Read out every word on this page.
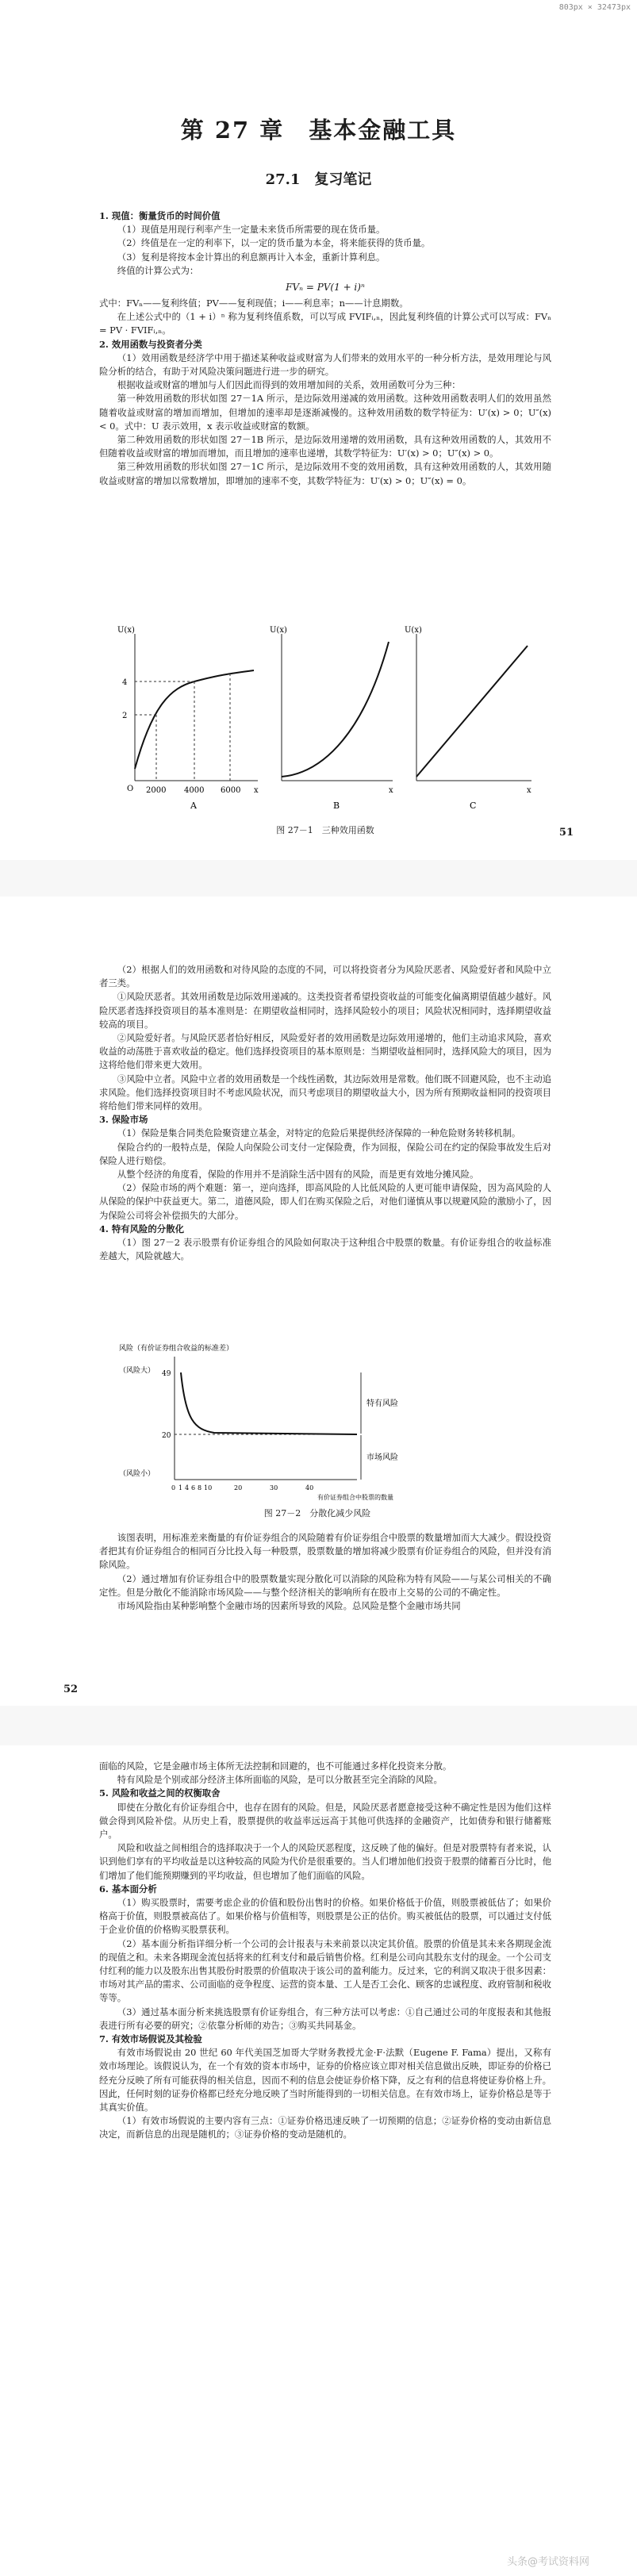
803px × 32473px
第 27 章　基本金融工具
27.1　复习笔记

1. 现值：衡量货币的时间价值

（1）现值是用现行利率产生一定量未来货币所需要的现在货币量。

（2）终值是在一定的利率下，以一定的货币量为本金，将来能获得的货币量。

（3）复利是将按本金计算出的利息额再计入本金，重新计算利息。

终值的计算公式为：

FVₙ = PV(1 + i)ⁿ

式中：FVₙ——复利终值；PV——复利现值；i——利息率；n——计息期数。

在上述公式中的（1 + i）ⁿ 称为复利终值系数，可以写成 FVIFᵢ,ₙ，因此复利终值的计算公式可以写成：FVₙ = PV · FVIFᵢ,ₙ。

2. 效用函数与投资者分类

（1）效用函数是经济学中用于描述某种收益或财富为人们带来的效用水平的一种分析方法，是效用理论与风险分析的结合，有助于对风险决策问题进行进一步的研究。

根据收益或财富的增加与人们因此而得到的效用增加间的关系，效用函数可分为三种：

第一种效用函数的形状如图 27－1A 所示，是边际效用递减的效用函数。这种效用函数表明人们的效用虽然随着收益或财富的增加而增加，但增加的速率却是逐渐减慢的。这种效用函数的数学特征为：U′(x) > 0；U″(x) < 0。式中：U 表示效用，x 表示收益或财富的数额。

第二种效用函数的形状如图 27－1B 所示，是边际效用递增的效用函数，具有这种效用函数的人，其效用不但随着收益或财富的增加而增加，而且增加的速率也递增，其数学特征为：U′(x) > 0；U″(x) > 0。

第三种效用函数的形状如图 27－1C 所示，是边际效用不变的效用函数，具有这种效用函数的人，其效用随收益或财富的增加以常数增加，即增加的速率不变，其数学特征为：U′(x) > 0；U″(x) = 0。

U(x)
x
O
4
2
2000 4000 6000
A
U(x)
x
B
U(x)
x
C
图 27－1　三种效用函数	51

（2）根据人们的效用函数和对待风险的态度的不同，可以将投资者分为风险厌恶者、风险爱好者和风险中立者三类。

①风险厌恶者。其效用函数是边际效用递减的。这类投资者希望投资收益的可能变化偏离期望值越少越好。风险厌恶者选择投资项目的基本准则是：在期望收益相同时，选择风险较小的项目；风险状况相同时，选择期望收益较高的项目。

②风险爱好者。与风险厌恶者恰好相反，风险爱好者的效用函数是边际效用递增的，他们主动追求风险，喜欢收益的动荡胜于喜欢收益的稳定。他们选择投资项目的基本原则是：当期望收益相同时，选择风险大的项目，因为这将给他们带来更大效用。

③风险中立者。风险中立者的效用函数是一个线性函数，其边际效用是常数。他们既不回避风险，也不主动追求风险。他们选择投资项目时不考虑风险状况，而只考虑项目的期望收益大小，因为所有预期收益相同的投资项目将给他们带来同样的效用。

3. 保险市场

（1）保险是集合同类危险聚资建立基金，对特定的危险后果提供经济保障的一种危险财务转移机制。

保险合约的一般特点是，保险人向保险公司支付一定保险费，作为回报，保险公司在约定的保险事故发生后对保险人进行赔偿。

从整个经济的角度看，保险的作用并不是消除生活中固有的风险，而是更有效地分摊风险。

（2）保险市场的两个难题：第一，逆向选择，即高风险的人比低风险的人更可能申请保险，因为高风险的人从保险的保护中获益更大。第二，道德风险，即人们在购买保险之后，对他们谨慎从事以规避风险的激励小了，因为保险公司将会补偿损失的大部分。

4. 特有风险的分散化

（1）图 27－2 表示股票有价证券组合的风险如何取决于这种组合中股票的数量。有价证券组合的收益标准差越大，风险就越大。

风险（有价证券组合收益的标准差）
（风险大）
（风险小）
49
20
0 1 4 6 8 10	20	30	40
有价证券组合中股票的数量
特有风险
市场风险
图 27－2　分散化减少风险

该图表明，用标准差来衡量的有价证券组合的风险随着有价证券组合中股票的数量增加而大大减少。假设投资者把其有价证券组合的相同百分比投入每一种股票，股票数量的增加将减少股票有价证券组合的风险，但并没有消除风险。

（2）通过增加有价证券组合中的股票数量实现分散化可以消除的风险称为特有风险——与某公司相关的不确定性。但是分散化不能消除市场风险——与整个经济相关的影响所有在股市上交易的公司的不确定性。

市场风险指由某种影响整个金融市场的因素所导致的风险。总风险是整个金融市场共同

52

面临的风险，它是金融市场主体所无法控制和回避的，也不可能通过多样化投资来分散。

特有风险是个别或部分经济主体所面临的风险，是可以分散甚至完全消除的风险。

5. 风险和收益之间的权衡取舍

即使在分散化有价证券组合中，也存在固有的风险。但是，风险厌恶者愿意接受这种不确定性是因为他们这样做会得到风险补偿。从历史上看，股票提供的收益率远远高于其他可供选择的金融资产，比如债券和银行储蓄账户。

风险和收益之间相组合的选择取决于一个人的风险厌恶程度，这反映了他的偏好。但是对股票特有者来说，认识到他们享有的平均收益是以这种较高的风险为代价是很重要的。当人们增加他们投资于股票的储蓄百分比时，他们增加了他们能预期赚到的平均收益，但也增加了他们面临的风险。

6. 基本面分析

（1）购买股票时，需要考虑企业的价值和股份出售时的价格。如果价格低于价值，则股票被低估了；如果价格高于价值，则股票被高估了。如果价格与价值相等，则股票是公正的估价。购买被低估的股票，可以通过支付低于企业价值的价格购买股票获利。

（2）基本面分析指详细分析一个公司的会计报表与未来前景以决定其价值。股票的价值是其未来各期现金流的现值之和。未来各期现金流包括将来的红利支付和最后销售价格。红利是公司向其股东支付的现金。一个公司支付红利的能力以及股东出售其股份时股票的价值取决于该公司的盈利能力。反过来，它的利润又取决于很多因素：市场对其产品的需求、公司面临的竞争程度、运营的资本量、工人是否工会化、顾客的忠诚程度、政府管制和税收等等。

（3）通过基本面分析来挑选股票有价证券组合，有三种方法可以考虑：①自己通过公司的年度报表和其他报表进行所有必要的研究；②依靠分析师的劝告；③购买共同基金。

7. 有效市场假说及其检验

有效市场假说由 20 世纪 60 年代美国芝加哥大学财务教授尤金·F·法默（Eugene F. Fama）提出，又称有效市场理论。该假说认为，在一个有效的资本市场中，证券的价格应该立即对相关信息做出反映，即证券的价格已经充分反映了所有可能获得的相关信息，因而不利的信息会使证券价格下降，反之有利的信息将使证券价格上升。因此，任何时刻的证券价格都已经充分地反映了当时所能得到的一切相关信息。在有效市场上，证券价格总是等于其真实价值。

（1）有效市场假说的主要内容有三点：①证券价格迅速反映了一切预期的信息；②证券价格的变动由新信息决定，而新信息的出现是随机的；③证券价格的变动是随机的。

头条@考试资料网
